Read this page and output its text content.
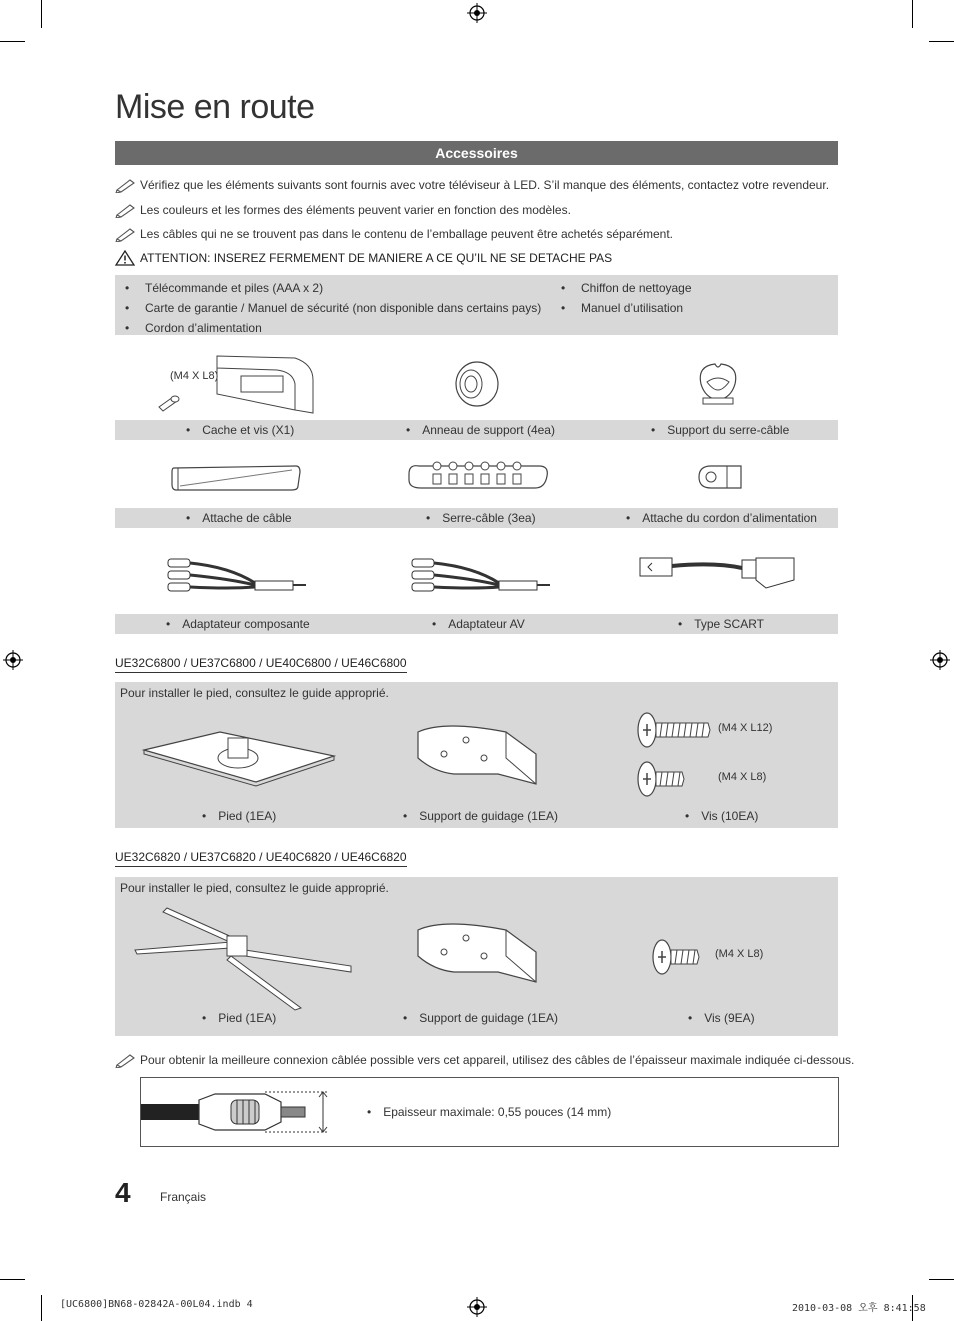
Mise en route
Accessoires
Vérifiez que les éléments suivants sont fournis avec votre téléviseur à LED. S’il manque des éléments, contactez votre revendeur.
Les couleurs et les formes des éléments peuvent varier en fonction des modèles.
Les câbles qui ne se trouvent pas dans le contenu de l’emballage peuvent être achetés séparément.
ATTENTION: INSEREZ FERMEMENT DE MANIERE A CE QU’IL NE SE DETACHE PAS
• Télécommande et piles (AAA x 2)
• Carte de garantie / Manuel de sécurité (non disponible dans certains pays)
• Cordon d’alimentation
• Chiffon de nettoyage
• Manuel d’utilisation
(M4 X L8)
• Cache et vis (X1)	• Anneau de support (4ea)	• Support du serre-câble
• Attache de câble	• Serre-câble (3ea)	• Attache du cordon d’alimentation
• Adaptateur composante	• Adaptateur AV	• Type SCART
UE32C6800 / UE37C6800 / UE40C6800 / UE46C6800
Pour installer le pied, consultez le guide approprié.
(M4 X L12)
(M4 X L8)
• Pied (1EA)	• Support de guidage (1EA)	• Vis (10EA)
UE32C6820 / UE37C6820 / UE40C6820 / UE46C6820
Pour installer le pied, consultez le guide approprié.
(M4 X L8)
• Pied (1EA)	• Support de guidage (1EA)	• Vis (9EA)
Pour obtenir la meilleure connexion câblée possible vers cet appareil, utilisez des câbles de l’épaisseur maximale indiquée ci-dessous.
• Epaisseur maximale: 0,55 pouces (14 mm)
4 Français
[UC6800]BN68-02842A-00L04.indb 4	2010-03-08 오후 8:41:58
